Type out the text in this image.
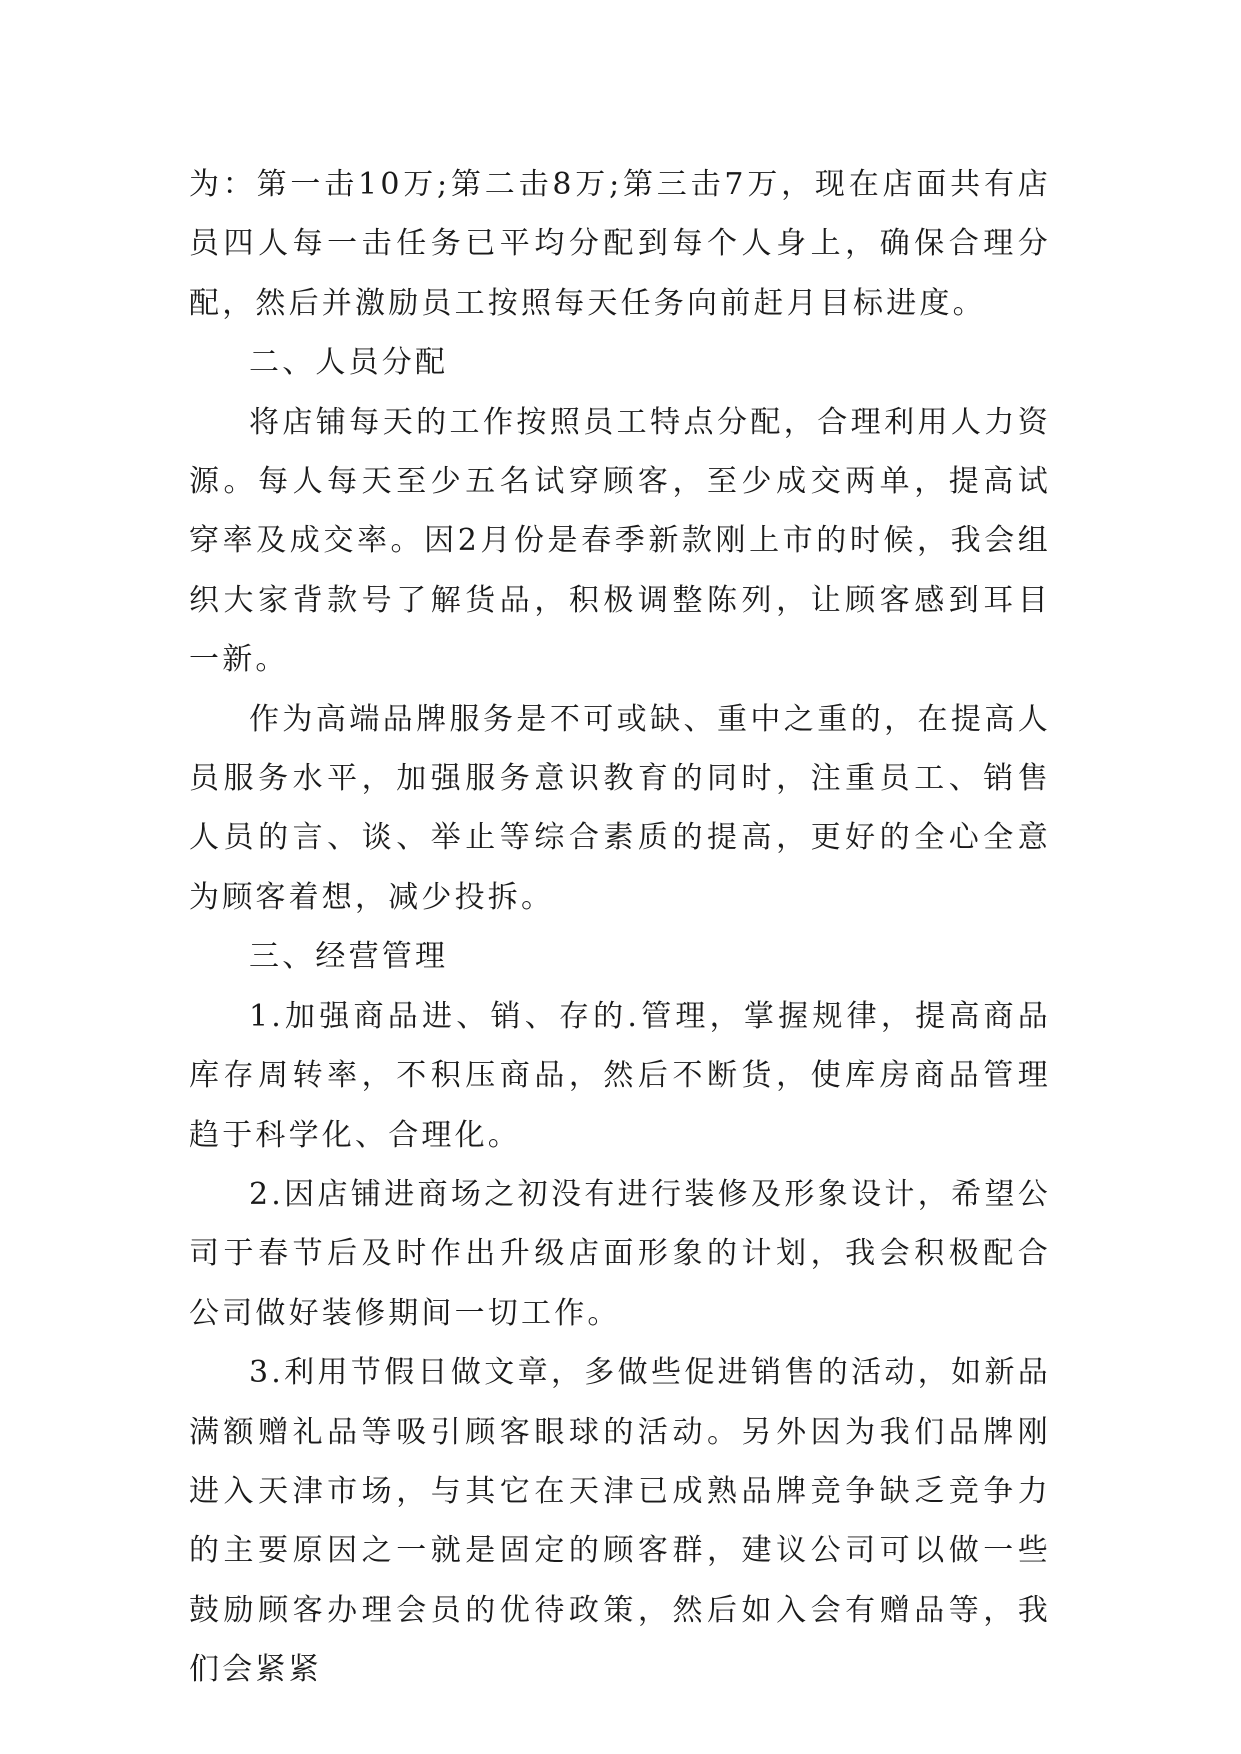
为：第一击10万;第二击8万;第三击7万，现在店面共有店员四人每一击任务已平均分配到每个人身上，确保合理分配，然后并激励员工按照每天任务向前赶月目标进度。

二、人员分配

将店铺每天的工作按照员工特点分配，合理利用人力资源。每人每天至少五名试穿顾客，至少成交两单，提高试穿率及成交率。因2月份是春季新款刚上市的时候，我会组织大家背款号了解货品，积极调整陈列，让顾客感到耳目一新。

作为高端品牌服务是不可或缺、重中之重的，在提高人员服务水平，加强服务意识教育的同时，注重员工、销售人员的言、谈、举止等综合素质的提高，更好的全心全意为顾客着想，减少投拆。

三、经营管理

1.加强商品进、销、存的.管理，掌握规律，提高商品库存周转率，不积压商品，然后不断货，使库房商品管理趋于科学化、合理化。

2.因店铺进商场之初没有进行装修及形象设计，希望公司于春节后及时作出升级店面形象的计划，我会积极配合公司做好装修期间一切工作。

3.利用节假日做文章，多做些促进销售的活动，如新品满额赠礼品等吸引顾客眼球的活动。另外因为我们品牌刚进入天津市场，与其它在天津已成熟品牌竞争缺乏竞争力的主要原因之一就是固定的顾客群，建议公司可以做一些鼓励顾客办理会员的优待政策，然后如入会有赠品等，我们会紧紧
